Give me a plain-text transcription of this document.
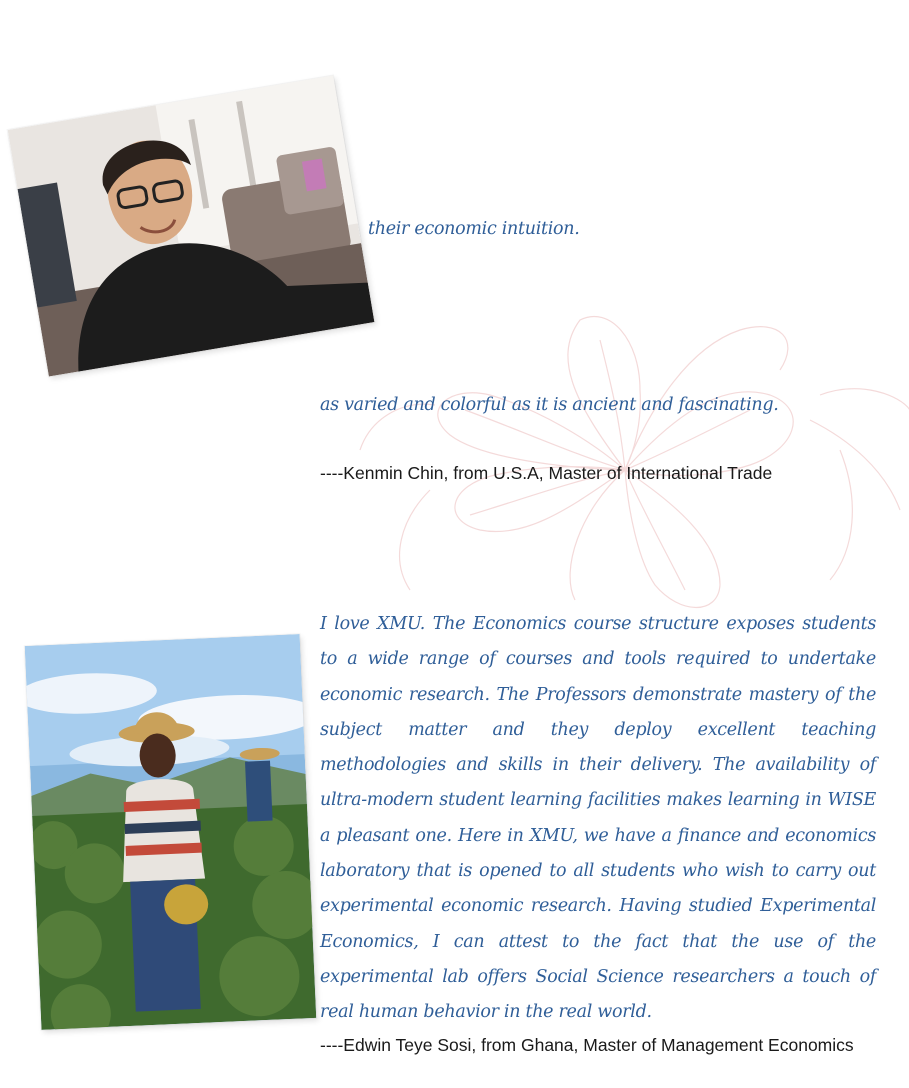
their economic intuition.
as varied and colorful as it is ancient and fascinating.
----Kenmin Chin, from U.S.A, Master of International Trade
I love XMU. The Economics course structure exposes students to a wide range of courses and tools required to undertake economic research. The Professors demonstrate mastery of the subject matter and they deploy excellent teaching methodologies and skills in their delivery. The availability of ultra-modern student learning facilities makes learning in WISE a pleasant one. Here in XMU, we have a finance and economics laboratory that is opened to all students who wish to carry out experimental economic research. Having studied Experimental Economics, I can attest to the fact that the use of the experimental lab offers Social Science researchers a touch of real human behavior in the real world.
----Edwin Teye Sosi, from Ghana, Master of Management Economics
